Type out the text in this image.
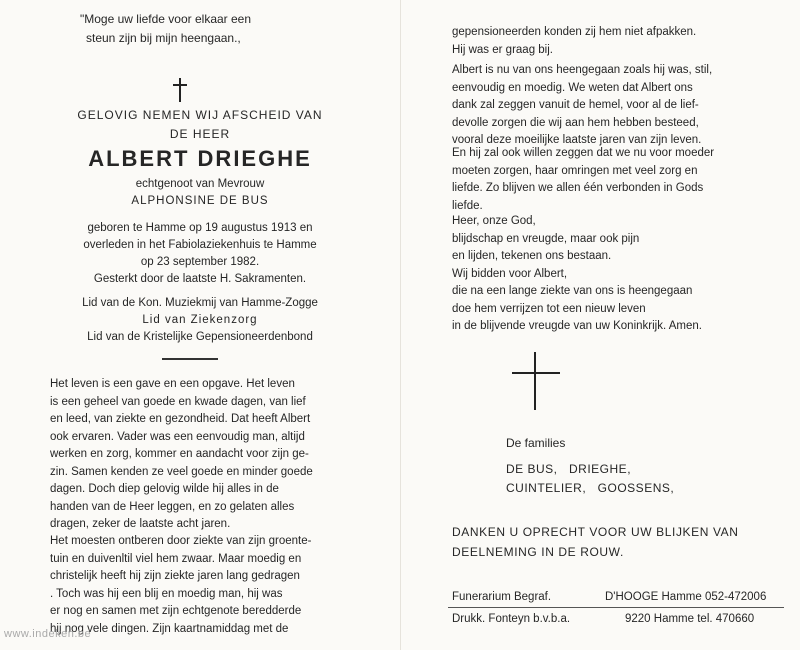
"Moge uw liefde voor elkaar een
steun zijn bij mijn heengaan.,
GELOVIG NEMEN WIJ AFSCHEID VAN
DE HEER
ALBERT DRIEGHE
echtgenoot van Mevrouw
ALPHONSINE DE BUS
geboren te Hamme op 19 augustus 1913 en
overleden in het Fabiolaziekenhuis te Hamme
op 23 september 1982.
Gesterkt door de laatste H. Sakramenten.
Lid van de Kon. Muziekmij van Hamme-Zogge
Lid van Ziekenzorg
Lid van de Kristelijke Gepensioneerdenbond
Het leven is een gave en een opgave. Het leven
is een geheel van goede en kwade dagen, van lief
en leed, van ziekte en gezondheid. Dat heeft Albert
ook ervaren. Vader was een eenvoudig man, altijd
werken en zorg, kommer en aandacht voor zijn ge-
zin. Samen kenden ze veel goede en minder goede
dagen. Doch diep gelovig wilde hij alles in de
handen van de Heer leggen, en zo gelaten alles
dragen, zeker de laatste acht jaren.
Het moesten ontberen door ziekte van zijn groente-
tuin en duivenltil viel hem zwaar. Maar moedig en
christelijk heeft hij zijn ziekte jaren lang gedragen
. Toch was hij een blij en moedig man, hij was
er nog en samen met zijn echtgenote beredderde
hij nog vele dingen. Zijn kaartnamiddag met de
gepensioneerden konden zij hem niet afpakken.
Hij was er graag bij.
Albert is nu van ons heengegaan zoals hij was, stil,
eenvoudig en moedig. We weten dat Albert ons
dank zal zeggen vanuit de hemel, voor al de lief-
devolle zorgen die wij aan hem hebben besteed,
vooral deze moeilijke laatste jaren van zijn leven.
En hij zal ook willen zeggen dat we nu voor moeder
moeten zorgen, haar omringen met veel zorg en
liefde. Zo blijven we allen één verbonden in Gods
liefde.
Heer, onze God,
blijdschap en vreugde, maar ook pijn
en lijden, tekenen ons bestaan.
Wij bidden voor Albert,
die na een lange ziekte van ons is heengegaan
doe hem verrijzen tot een nieuw leven
in de blijvende vreugde van uw Koninkrijk. Amen.
De families
DE BUS,   DRIEGHE,
CUINTELIER,   GOOSSENS,
DANKEN U OPRECHT VOOR UW BLIJKEN VAN
DEELNEMING IN DE ROUW.
Funerarium Begraf.	D'HOOGE Hamme 052-472006
Drukk. Fonteyn b.v.b.a.	9220 Hamme tel. 470660
www.indeken.be
